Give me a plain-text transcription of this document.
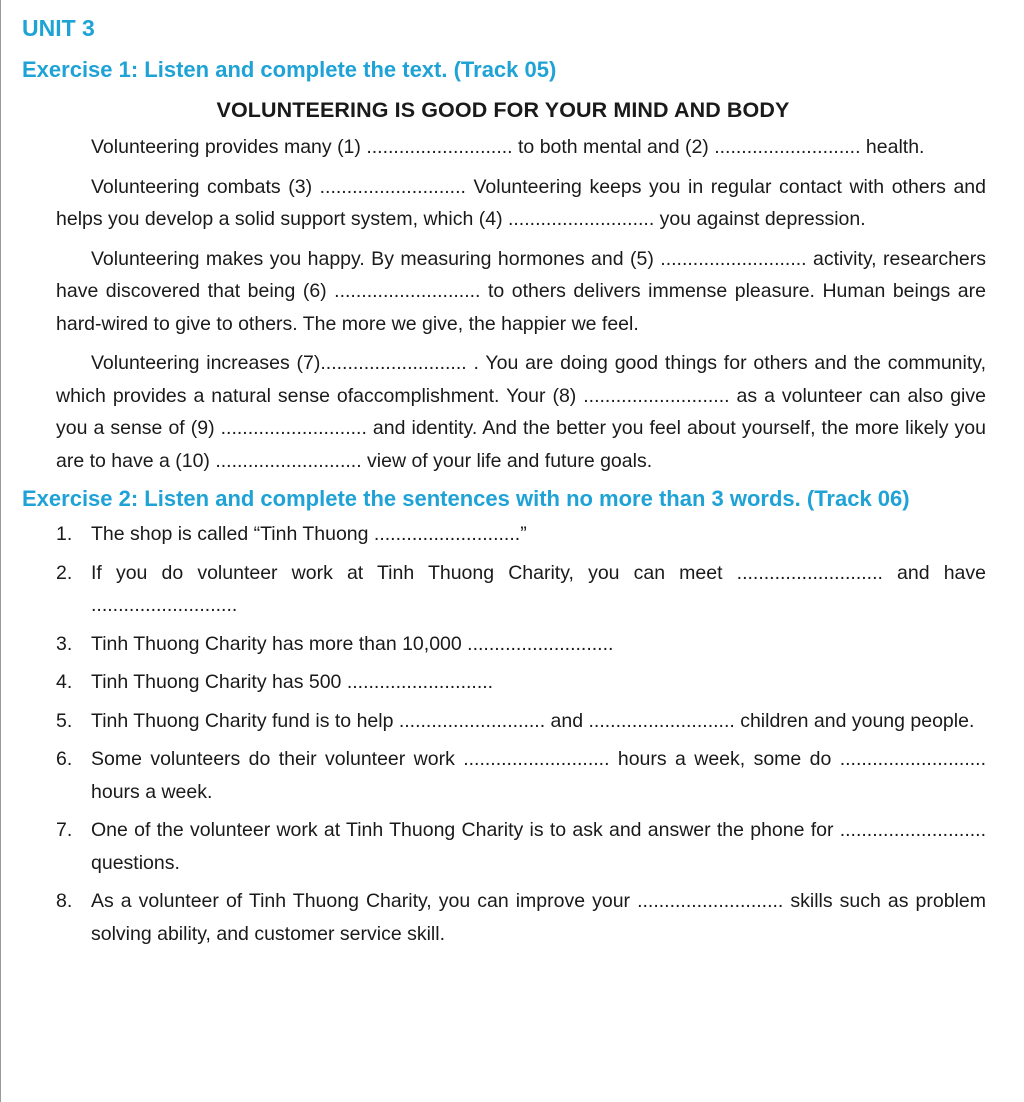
UNIT 3
Exercise 1: Listen and complete the text. (Track 05)
VOLUNTEERING IS GOOD FOR YOUR MIND AND BODY

Volunteering provides many (1) ........................... to both mental and (2) ........................... health.

Volunteering combats (3) ........................... Volunteering keeps you in regular contact with others and helps you develop a solid support system, which (4) ........................... you against depression.

Volunteering makes you happy. By measuring hormones and (5) ........................... activity, researchers have discovered that being (6) ........................... to others delivers immense pleasure. Human beings are hard-wired to give to others. The more we give, the happier we feel.

Volunteering increases (7)........................... . You are doing good things for others and the community, which provides a natural sense ofaccomplishment. Your (8) ........................... as a volunteer can also give you a sense of (9) ........................... and identity. And the better you feel about yourself, the more likely you are to have a (10) ........................... view of your life and future goals.

Exercise 2: Listen and complete the sentences with no more than 3 words. (Track 06)
1. The shop is called “Tinh Thuong ...........................”
2. If you do volunteer work at Tinh Thuong Charity, you can meet ........................... and have ...........................
3. Tinh Thuong Charity has more than 10,000 ...........................
4. Tinh Thuong Charity has 500 ...........................
5. Tinh Thuong Charity fund is to help ........................... and ........................... children and young people.
6. Some volunteers do their volunteer work ........................... hours a week, some do ........................... hours a week.
7. One of the volunteer work at Tinh Thuong Charity is to ask and answer the phone for ........................... questions.
8. As a volunteer of Tinh Thuong Charity, you can improve your ........................... skills such as problem solving ability, and customer service skill.
